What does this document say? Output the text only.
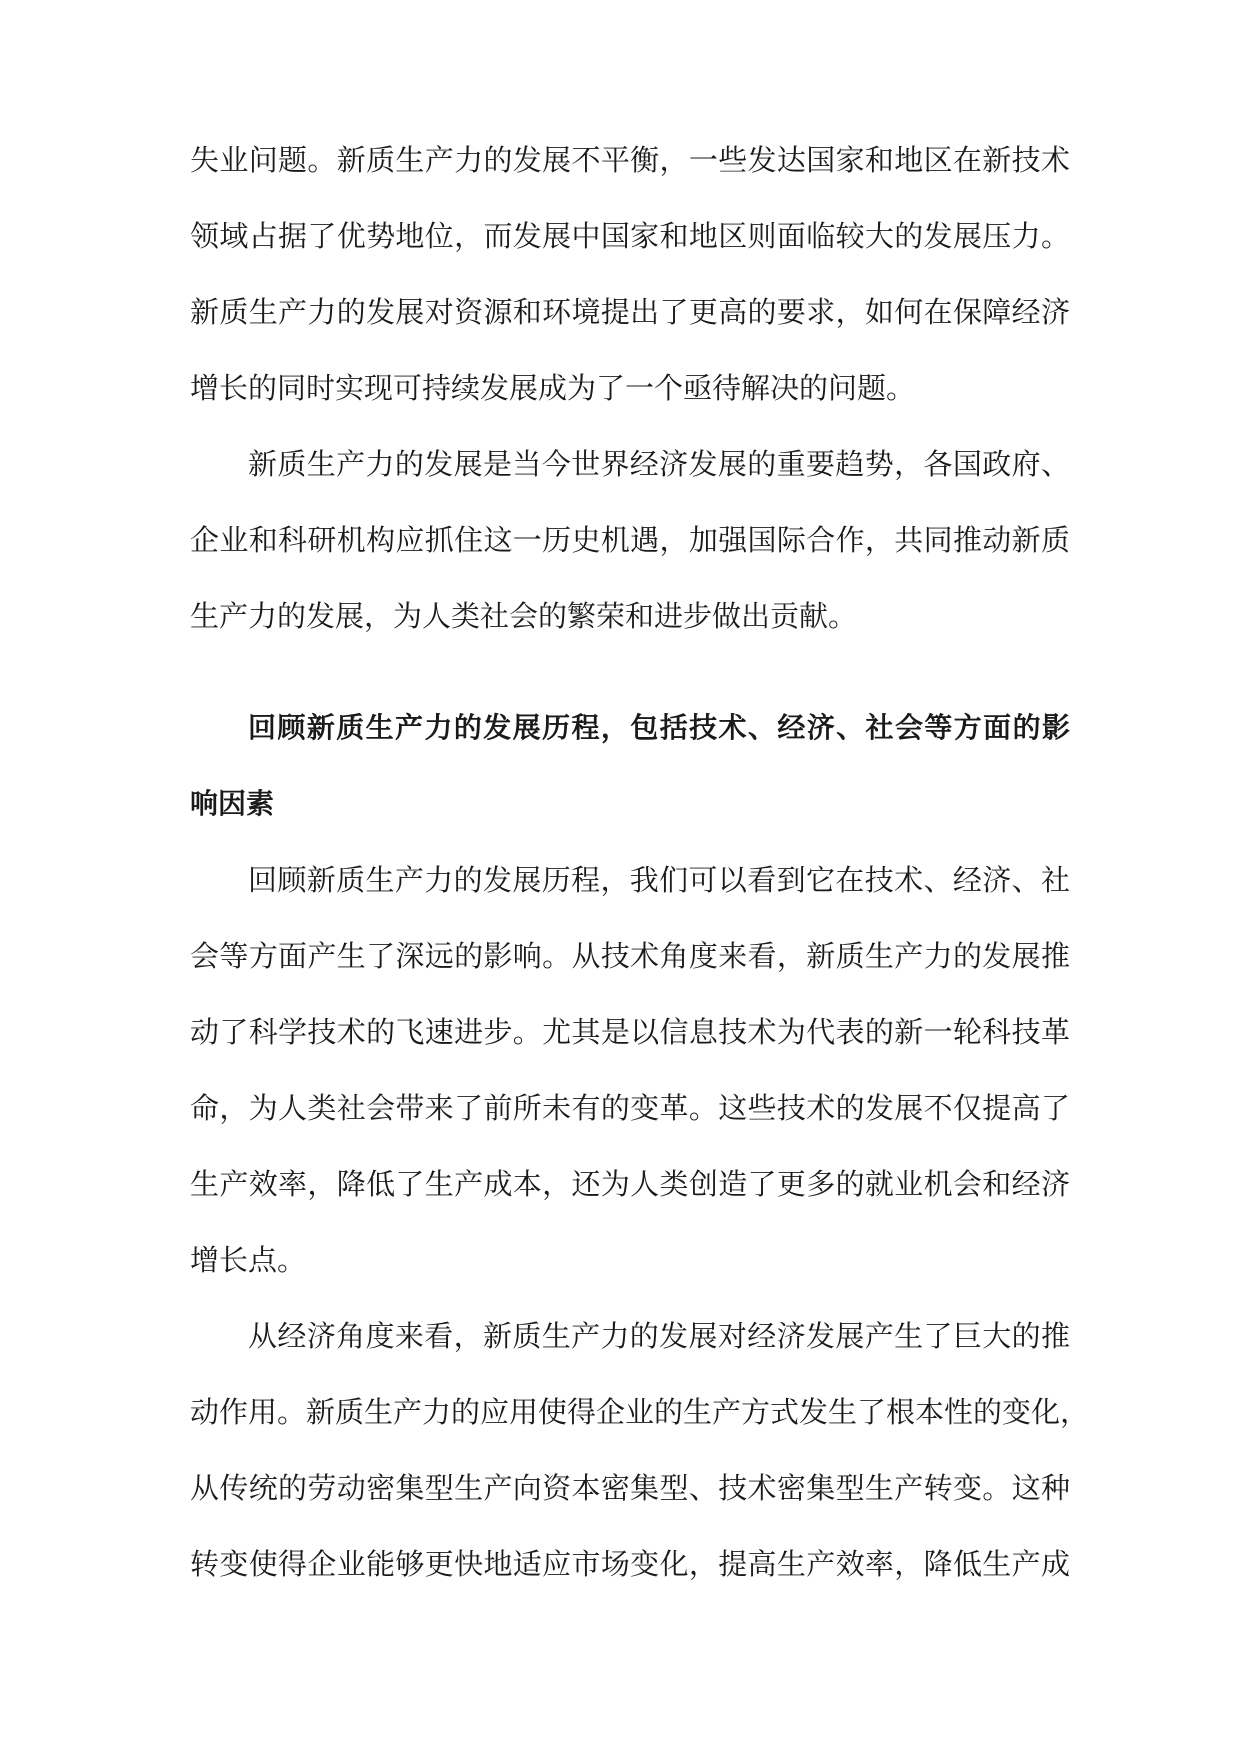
失业问题。新质生产力的发展不平衡，一些发达国家和地区在新技术
领域占据了优势地位，而发展中国家和地区则面临较大的发展压力。
新质生产力的发展对资源和环境提出了更高的要求，如何在保障经济
增长的同时实现可持续发展成为了一个亟待解决的问题。
新质生产力的发展是当今世界经济发展的重要趋势，各国政府、
企业和科研机构应抓住这一历史机遇，加强国际合作，共同推动新质
生产力的发展，为人类社会的繁荣和进步做出贡献。
回顾新质生产力的发展历程，包括技术、经济、社会等方面的影
响因素
回顾新质生产力的发展历程，我们可以看到它在技术、经济、社
会等方面产生了深远的影响。从技术角度来看，新质生产力的发展推
动了科学技术的飞速进步。尤其是以信息技术为代表的新一轮科技革
命，为人类社会带来了前所未有的变革。这些技术的发展不仅提高了
生产效率，降低了生产成本，还为人类创造了更多的就业机会和经济
增长点。
从经济角度来看，新质生产力的发展对经济发展产生了巨大的推
动作用。新质生产力的应用使得企业的生产方式发生了根本性的变化，
从传统的劳动密集型生产向资本密集型、技术密集型生产转变。这种
转变使得企业能够更快地适应市场变化，提高生产效率，降低生产成
